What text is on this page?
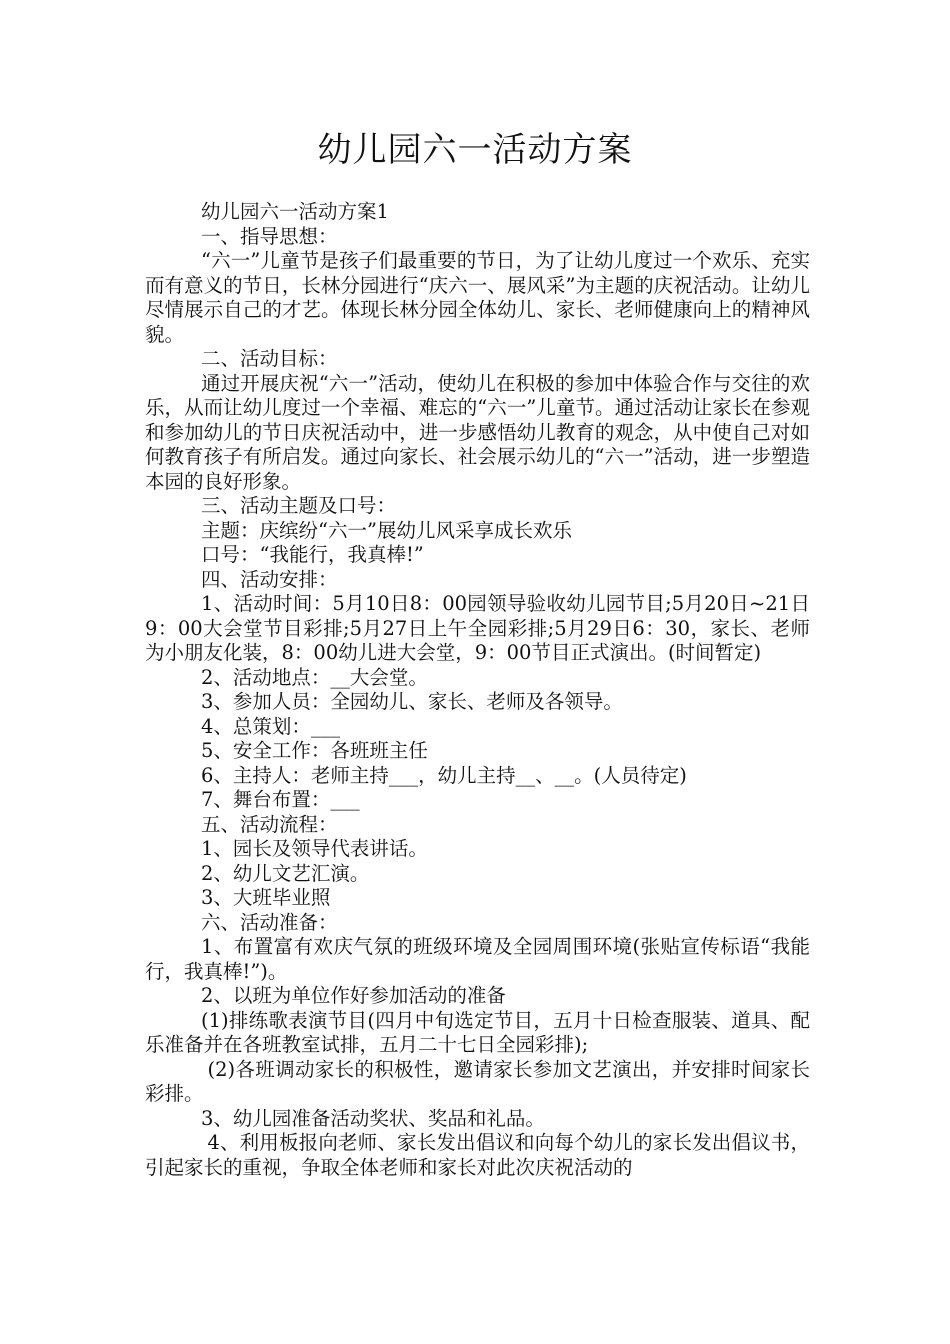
幼儿园六一活动方案

幼儿园六一活动方案1

一、指导思想：

“六一”儿童节是孩子们最重要的节日，为了让幼儿度过一个欢乐、充实而有意义的节日，长林分园进行“庆六一、展风采”为主题的庆祝活动。让幼儿尽情展示自己的才艺。体现长林分园全体幼儿、家长、老师健康向上的精神风貌。

二、活动目标：

通过开展庆祝“六一”活动，使幼儿在积极的参加中体验合作与交往的欢乐，从而让幼儿度过一个幸福、难忘的“六一”儿童节。通过活动让家长在参观和参加幼儿的节日庆祝活动中，进一步感悟幼儿教育的观念，从中使自己对如何教育孩子有所启发。通过向家长、社会展示幼儿的“六一”活动，进一步塑造本园的良好形象。

三、活动主题及口号：

主题：庆缤纷“六一”展幼儿风采享成长欢乐

口号：“我能行，我真棒!”

四、活动安排：

1、活动时间：5月10日8：00园领导验收幼儿园节目;5月20日~21日9：00大会堂节目彩排;5月27日上午全园彩排;5月29日6：30，家长、老师为小朋友化装，8：00幼儿进大会堂，9：00节目正式演出。(时间暂定)

2、活动地点：__大会堂。

3、参加人员：全园幼儿、家长、老师及各领导。

4、总策划：___

5、安全工作：各班班主任

6、主持人：老师主持___，幼儿主持__、__。(人员待定)

7、舞台布置：___

五、活动流程：

1、园长及领导代表讲话。

2、幼儿文艺汇演。

3、大班毕业照

六、活动准备：

1、布置富有欢庆气氛的班级环境及全园周围环境(张贴宣传标语“我能行，我真棒!”)。

2、以班为单位作好参加活动的准备

(1)排练歌表演节目(四月中旬选定节目，五月十日检查服装、道具、配乐准备并在各班教室试排，五月二十七日全园彩排);

(2)各班调动家长的积极性，邀请家长参加文艺演出，并安排时间家长彩排。

3、幼儿园准备活动奖状、奖品和礼品。

4、利用板报向老师、家长发出倡议和向每个幼儿的家长发出倡议书，引起家长的重视，争取全体老师和家长对此次庆祝活动的
